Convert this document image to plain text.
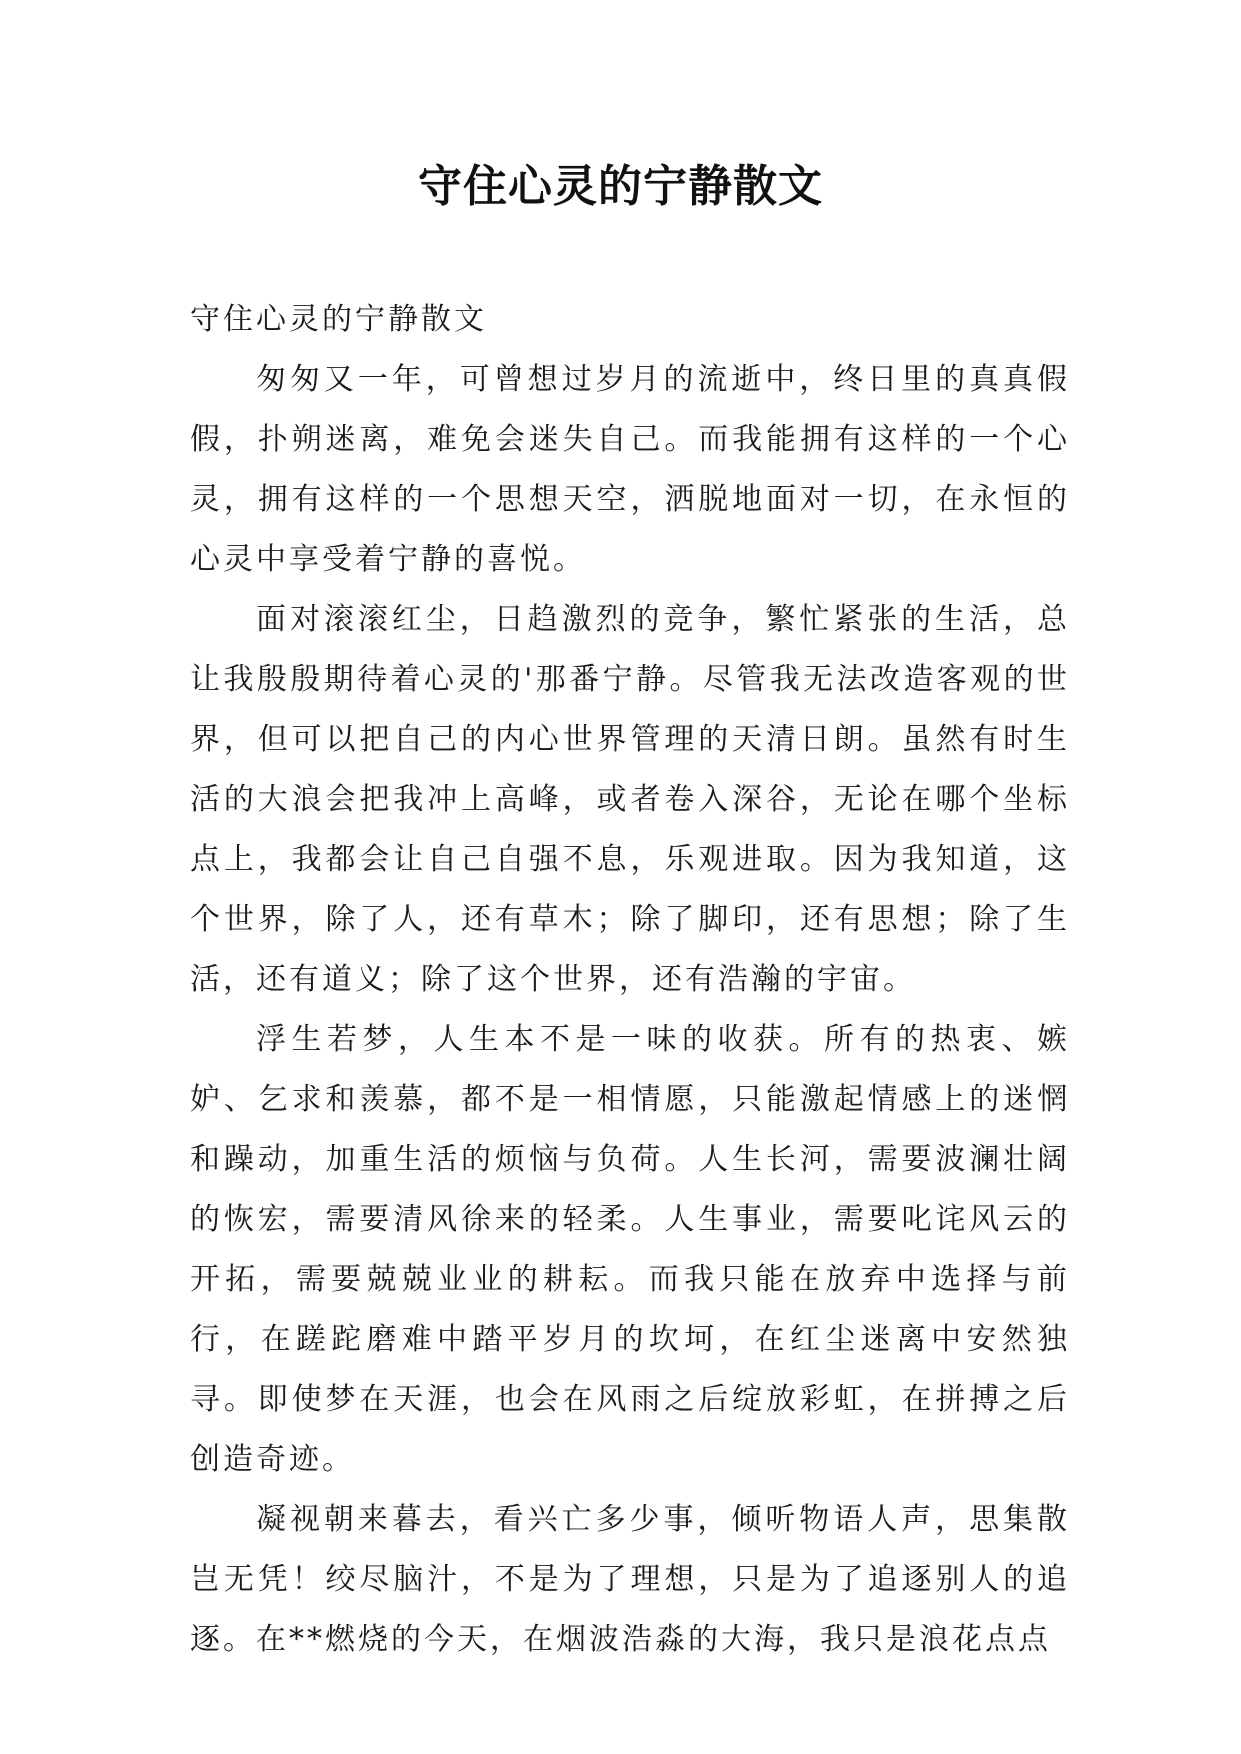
守住心灵的宁静散文

守住心灵的宁静散文

匆匆又一年，可曾想过岁月的流逝中，终日里的真真假假，扑朔迷离，难免会迷失自己。而我能拥有这样的一个心灵，拥有这样的一个思想天空，洒脱地面对一切，在永恒的心灵中享受着宁静的喜悦。

面对滚滚红尘，日趋激烈的竞争，繁忙紧张的生活，总让我殷殷期待着心灵的'那番宁静。尽管我无法改造客观的世界，但可以把自己的内心世界管理的天清日朗。虽然有时生活的大浪会把我冲上高峰，或者卷入深谷，无论在哪个坐标点上，我都会让自己自强不息，乐观进取。因为我知道，这个世界，除了人，还有草木；除了脚印，还有思想；除了生活，还有道义；除了这个世界，还有浩瀚的宇宙。

浮生若梦，人生本不是一味的收获。所有的热衷、嫉妒、乞求和羡慕，都不是一相情愿，只能激起情感上的迷惘和躁动，加重生活的烦恼与负荷。人生长河，需要波澜壮阔的恢宏，需要清风徐来的轻柔。人生事业，需要叱诧风云的开拓，需要兢兢业业的耕耘。而我只能在放弃中选择与前行，在蹉跎磨难中踏平岁月的坎坷，在红尘迷离中安然独寻。即使梦在天涯，也会在风雨之后绽放彩虹，在拼搏之后创造奇迹。

凝视朝来暮去，看兴亡多少事，倾听物语人声，思集散岂无凭！绞尽脑汁，不是为了理想，只是为了追逐别人的追逐。在**燃烧的今天，在烟波浩淼的大海，我只是浪花点点
